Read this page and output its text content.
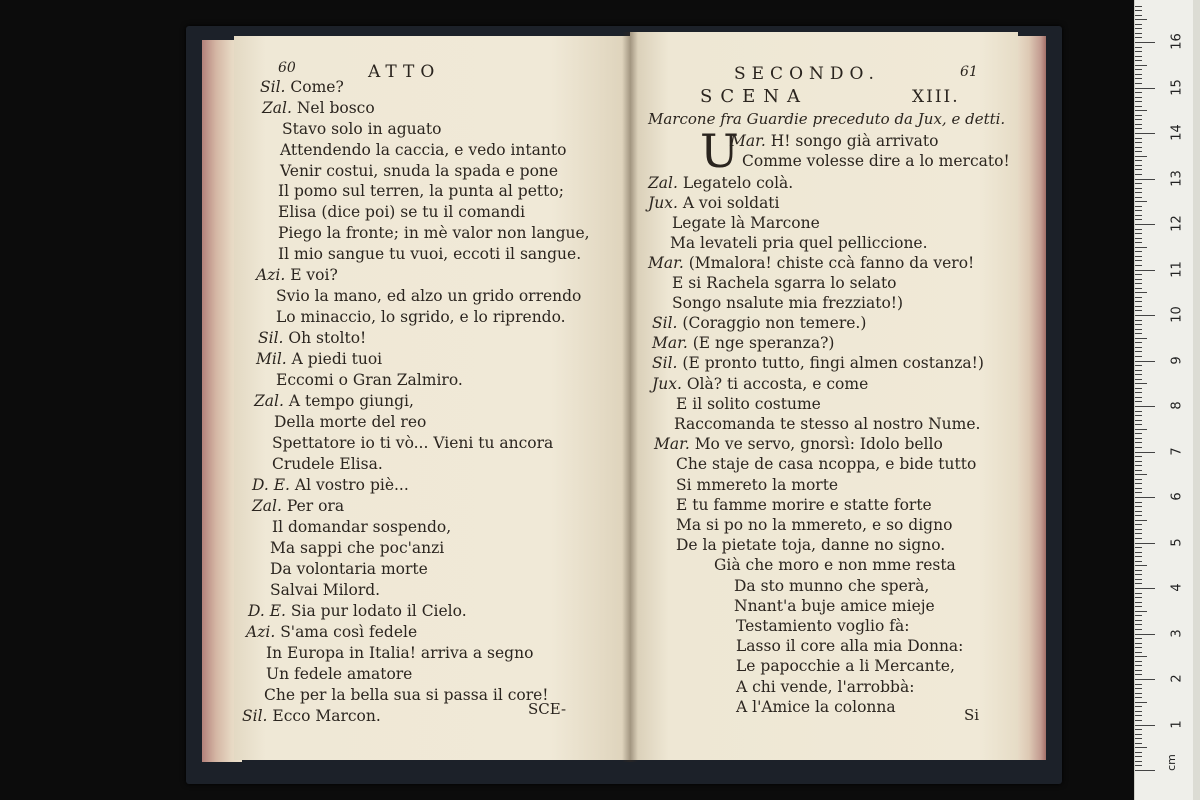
60	ATTO
Sil. Come?
Zal. Nel bosco
Stavo solo in aguato
Attendendo la caccia, e vedo intanto
Venir costui, snuda la spada e pone
Il pomo sul terren, la punta al petto;
Elisa (dice poi) se tu il comandi
Piego la fronte; in mè valor non langue,
Il mio sangue tu vuoi, eccoti il sangue.
Azi. E voi?
Svio la mano, ed alzo un grido orrendo
Lo minaccio, lo sgrido, e lo riprendo.
Sil. Oh stolto!
Mil. A piedi tuoi
Eccomi o Gran Zalmiro.
Zal. A tempo giungi,
Della morte del reo
Spettatore io ti vò... Vieni tu ancora
Crudele Elisa.
D. E. Al vostro piè...
Zal. Per ora
Il domandar sospendo,
Ma sappi che poc'anzi
Da volontaria morte
Salvai Milord.
D. E. Sia pur lodato il Cielo.
Azi. S'ama così fedele
In Europa in Italia! arriva a segno
Un fedele amatore
Che per la bella sua si passa il core!
Sil. Ecco Marcon.	SCE-
SECONDO.	61
SCENA	XIII.
Marcone fra Guardie preceduto da Jux, e detti.
U
Mar. H! songo già arrivato
Comme volesse dire a lo mercato!
Zal. Legatelo colà.
Jux. A voi soldati
Legate là Marcone
Ma levateli pria quel pelliccione.
Mar. (Mmalora! chiste ccà fanno da vero!
E si Rachela sgarra lo selato
Songo nsalute mia frezziato!)
Sil. (Coraggio non temere.)
Mar. (E nge speranza?)
Sil. (E pronto tutto, fingi almen costanza!)
Jux. Olà? ti accosta, e come
E il solito costume
Raccomanda te stesso al nostro Nume.
Mar. Mo ve servo, gnorsì: Idolo bello
Che staje de casa ncoppa, e bide tutto
Si mmereto la morte
E tu famme morire e statte forte
Ma si po no la mmereto, e so digno
De la pietate toja, danne no signo.
Già che moro e non mme resta
Da sto munno che sperà,
Nnant'a buje amice mieje
Testamiento voglio fà:
Lasso il core alla mia Donna:
Le papocchie a li Mercante,
A chi vende, l'arrobbà:
A l'Amice la colonna	Si	1
2
3
4
5
6
7
8
9
10
11
12
13
14
15
16
cm
